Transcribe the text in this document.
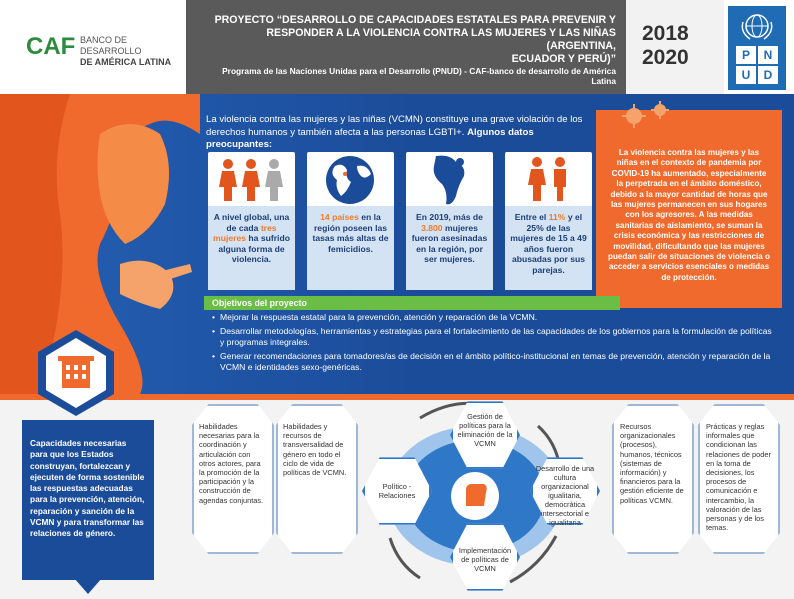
CAF BANCO DE DESARROLLO
DE AMÉRICA LATINA
PROYECTO “DESARROLLO DE CAPACIDADES ESTATALES PARA PREVENIR Y
RESPONDER A LA VIOLENCIA CONTRA LAS MUJERES Y LAS NIÑAS (ARGENTINA,
ECUADOR Y PERÚ)”
Programa de las Naciones Unidas para el Desarrollo (PNUD) - CAF-banco de desarrollo de América Latina
2018
2020	P	N
U	D
La violencia contra las mujeres y las niñas (VCMN) constituye una grave violación de los derechos humanos y también afecta a las personas LGBTI+. Algunos datos preocupantes:
A nivel global, una de cada tres mujeres ha sufrido alguna forma de violencia.
14 países en la región poseen las tasas más altas de femicidios.
En 2019, más de 3.800 mujeres fueron asesinadas en la región, por ser mujeres.
Entre el 11% y el 25% de las mujeres de 15 a 49 años fueron abusadas por sus parejas.
La violencia contra las mujeres y las niñas en el contexto de pandemia por COVID-19 ha aumentado, especialmente la perpetrada en el ámbito doméstico, debido a la mayor cantidad de horas que las mujeres permanecen en sus hogares con los agresores. A las medidas sanitarias de aislamiento, se suman la crisis económica y las restricciones de movilidad, dificultando que las mujeres puedan salir de situaciones de violencia o acceder a servicios esenciales o medidas de protección.
Objetivos del proyecto
• Mejorar la respuesta estatal para la prevención, atención y reparación de la VCMN.
• Desarrollar metodologías, herramientas y estrategias para el fortalecimiento de las capacidades de los gobiernos para la formulación de políticas y programas integrales.
• Generar recomendaciones para tomadores/as de decisión en el ámbito político-institucional en temas de prevención, atención y reparación de la VCMN e identidades sexo-genéricas.
Capacidades necesarias para que los Estados construyan, fortalezcan y ejecuten de forma sostenible las respuestas adecuadas para la prevención, atención, reparación y sanción de la VCMN y para transformar las relaciones de género.
Habilidades necesarias para la coordinación y articulación con otros actores, para la promoción de la participación y la construcción de agendas conjuntas.
Habilidades y recursos de transversalidad de género en todo el ciclo de vida de políticas de VCMN.
Recursos organizacionales (procesos), humanos, técnicos (sistemas de información) y financieros para la gestión eficiente de políticas VCMN.
Prácticas y reglas informales que condicionan las relaciones de poder en la toma de decisiones, los procesos de comunicación e intercambio, la valoración de las personas y de los temas.
Gestión de políticas para la eliminación de la VCMN
Desarrollo de una cultura organizacional igualitaria, democrática intersectorial e igualitaria
Implementación de políticas de VCMN
Político - Relaciones
